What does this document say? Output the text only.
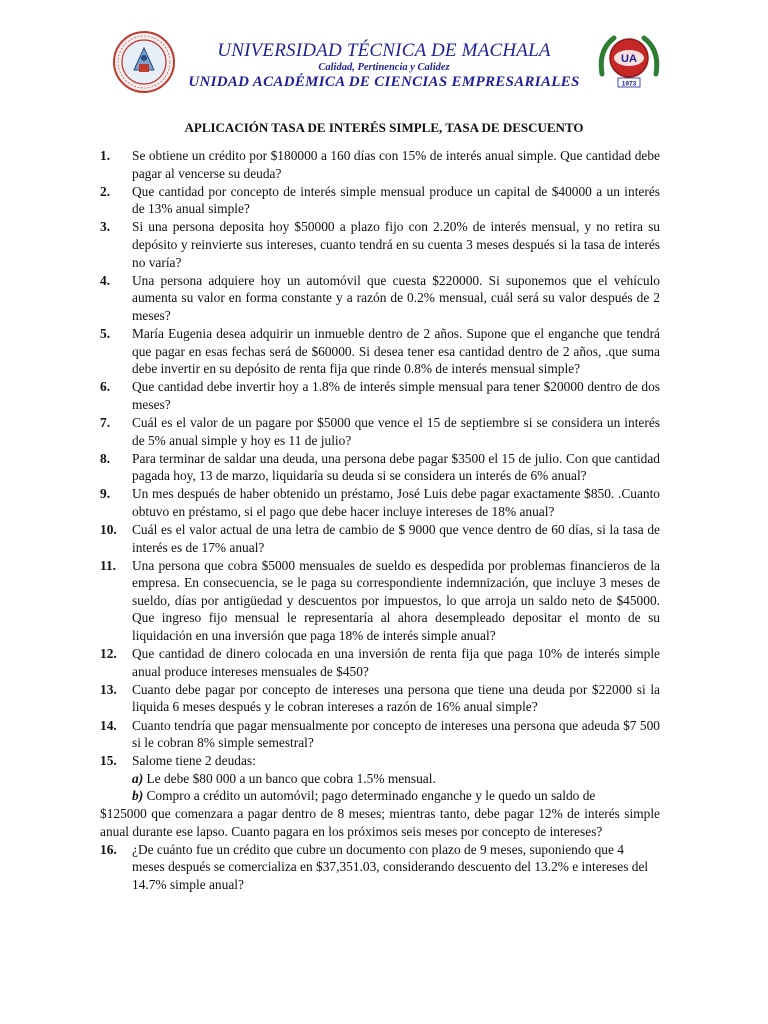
UNIVERSIDAD TÉCNICA DE MACHALA
Calidad, Pertinencia y Calidez
UNIDAD ACADÉMICA DE CIENCIAS EMPRESARIALES
UA
1973
APLICACIÓN TASA DE INTERÉS SIMPLE, TASA DE DESCUENTO
1.	Se obtiene un crédito por $180000 a 160 días con 15% de interés anual simple. Que cantidad debe pagar al vencerse su deuda?
2.	Que cantidad por concepto de interés simple mensual produce un capital de $40000 a un interés de 13% anual simple?
3.	Si una persona deposita hoy $50000 a plazo fijo con 2.20% de interés mensual, y no retira su depósito y reinvierte sus intereses, cuanto tendrá en su cuenta 3 meses después si la tasa de interés no varía?
4.	Una persona adquiere hoy un automóvil que cuesta $220000. Si suponemos que el vehículo aumenta su valor en forma constante y a razón de 0.2% mensual, cuál será su valor después de 2 meses?
5.	María Eugenia desea adquirir un inmueble dentro de 2 años. Supone que el enganche que tendrá que pagar en esas fechas será de $60000. Si desea tener esa cantidad dentro de 2 años, .que suma debe invertir en su depósito de renta fija que rinde 0.8% de interés mensual simple?
6.	Que cantidad debe invertir hoy a 1.8% de interés simple mensual para tener $20000 dentro de dos meses?
7.	Cuál es el valor de un pagare por $5000 que vence el 15 de septiembre si se considera un interés de 5% anual simple y hoy es 11 de julio?
8.	Para terminar de saldar una deuda, una persona debe pagar $3500 el 15 de julio. Con que cantidad pagada hoy, 13 de marzo, liquidaría su deuda si se considera un interés de 6% anual?
9.	Un mes después de haber obtenido un préstamo, José Luis debe pagar exactamente $850. .Cuanto obtuvo en préstamo, si el pago que debe hacer incluye intereses de 18% anual?
10.	Cuál es el valor actual de una letra de cambio de $ 9000 que vence dentro de 60 días, si la tasa de interés es de 17% anual?
11.	Una persona que cobra $5000 mensuales de sueldo es despedida por problemas financieros de la empresa. En consecuencia, se le paga su correspondiente indemnización, que incluye 3 meses de sueldo, días por antigüedad y descuentos por impuestos, lo que arroja un saldo neto de $45000. Que ingreso fijo mensual le representaría al ahora desempleado depositar el monto de su liquidación en una inversión que paga 18% de interés simple anual?
12.	Que cantidad de dinero colocada en una inversión de renta fija que paga 10% de interés simple anual produce intereses mensuales de $450?
13.	Cuanto debe pagar por concepto de intereses una persona que tiene una deuda por $22000 si la liquida 6 meses después y le cobran intereses a razón de 16% anual simple?
14.	Cuanto tendría que pagar mensualmente por concepto de intereses una persona que adeuda $7 500 si le cobran 8% simple semestral?
15.	Salome tiene 2 deudas:
a) Le debe $80 000 a un banco que cobra 1.5% mensual.
b) Compro a crédito un automóvil; pago determinado enganche y le quedo un saldo de
$125000 que comenzara a pagar dentro de 8 meses; mientras tanto, debe pagar 12% de interés simple anual durante ese lapso. Cuanto pagara en los próximos seis meses por concepto de intereses?
16.	¿De cuánto fue un crédito que cubre un documento con plazo de 9 meses, suponiendo que 4 meses después se comercializa en $37,351.03, considerando descuento del 13.2% e intereses del 14.7% simple anual?
